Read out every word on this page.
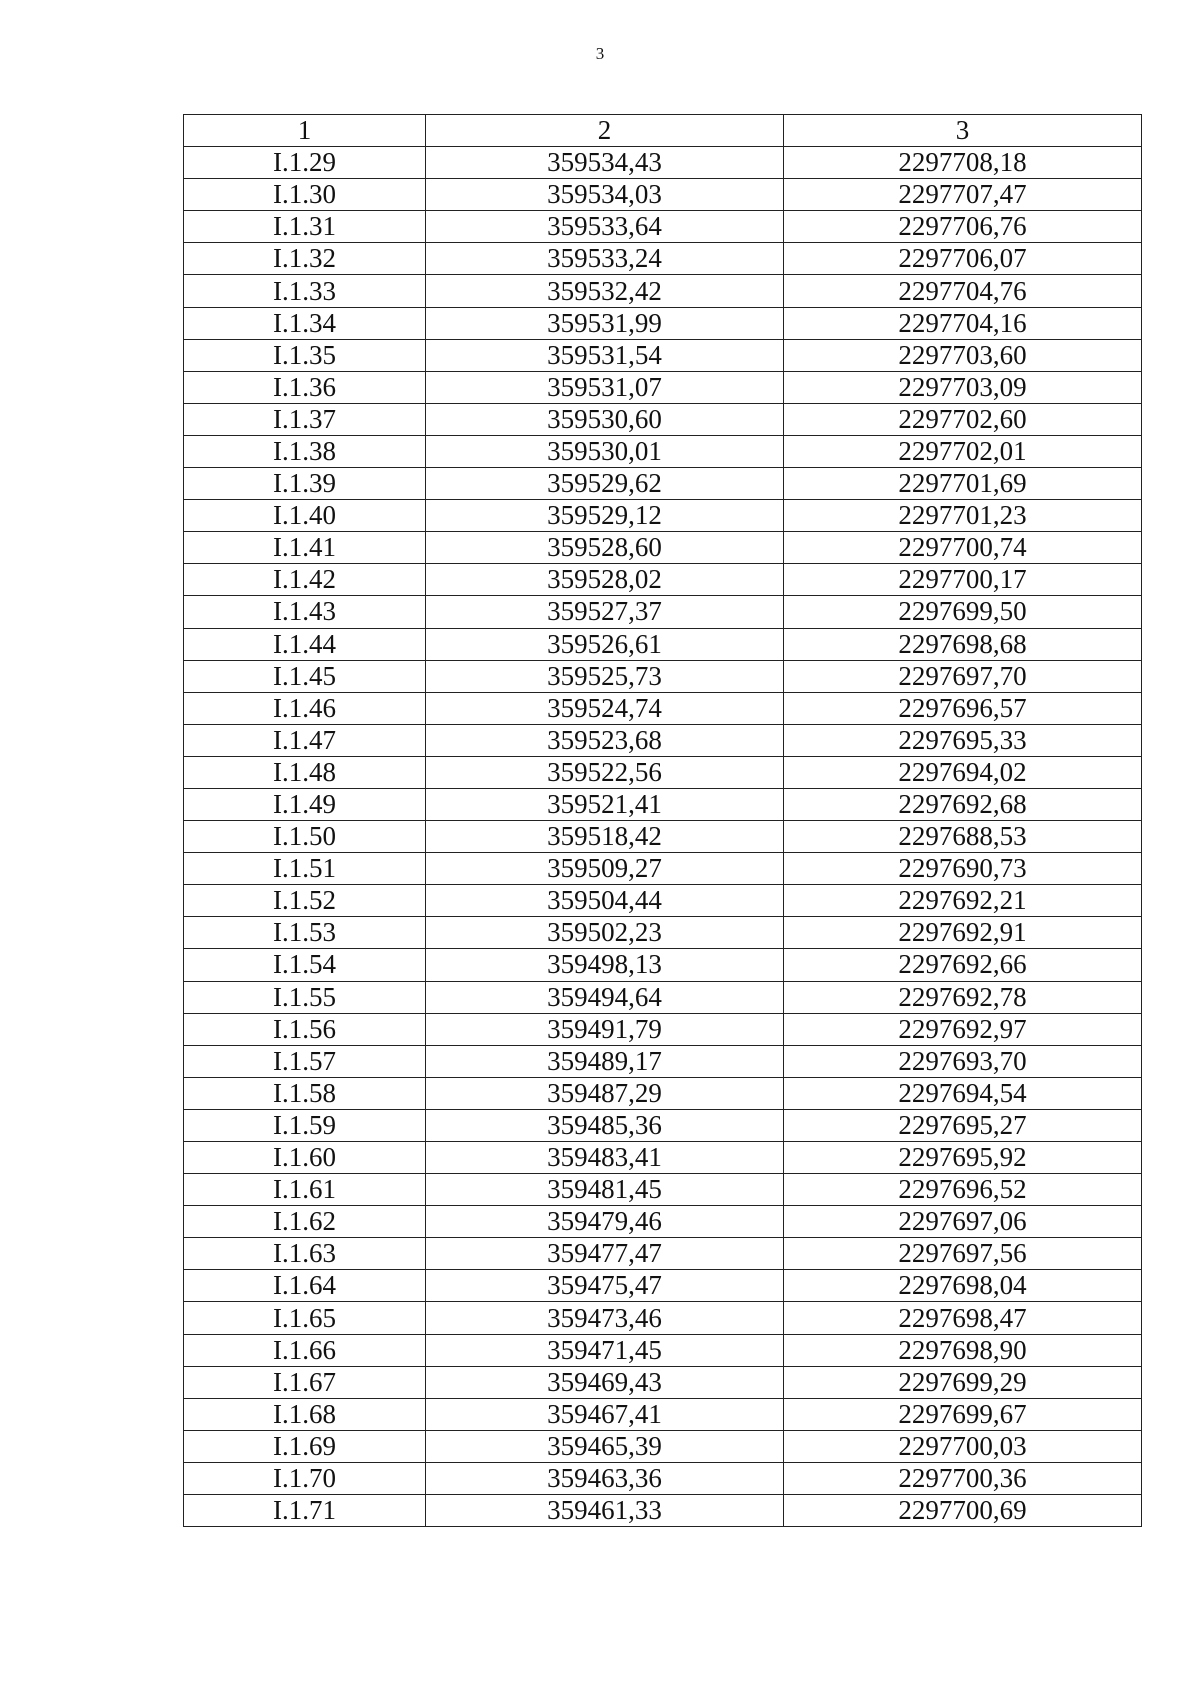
3
1	2	3
I.1.29	359534,43	2297708,18
I.1.30	359534,03	2297707,47
I.1.31	359533,64	2297706,76
I.1.32	359533,24	2297706,07
I.1.33	359532,42	2297704,76
I.1.34	359531,99	2297704,16
I.1.35	359531,54	2297703,60
I.1.36	359531,07	2297703,09
I.1.37	359530,60	2297702,60
I.1.38	359530,01	2297702,01
I.1.39	359529,62	2297701,69
I.1.40	359529,12	2297701,23
I.1.41	359528,60	2297700,74
I.1.42	359528,02	2297700,17
I.1.43	359527,37	2297699,50
I.1.44	359526,61	2297698,68
I.1.45	359525,73	2297697,70
I.1.46	359524,74	2297696,57
I.1.47	359523,68	2297695,33
I.1.48	359522,56	2297694,02
I.1.49	359521,41	2297692,68
I.1.50	359518,42	2297688,53
I.1.51	359509,27	2297690,73
I.1.52	359504,44	2297692,21
I.1.53	359502,23	2297692,91
I.1.54	359498,13	2297692,66
I.1.55	359494,64	2297692,78
I.1.56	359491,79	2297692,97
I.1.57	359489,17	2297693,70
I.1.58	359487,29	2297694,54
I.1.59	359485,36	2297695,27
I.1.60	359483,41	2297695,92
I.1.61	359481,45	2297696,52
I.1.62	359479,46	2297697,06
I.1.63	359477,47	2297697,56
I.1.64	359475,47	2297698,04
I.1.65	359473,46	2297698,47
I.1.66	359471,45	2297698,90
I.1.67	359469,43	2297699,29
I.1.68	359467,41	2297699,67
I.1.69	359465,39	2297700,03
I.1.70	359463,36	2297700,36
I.1.71	359461,33	2297700,69
